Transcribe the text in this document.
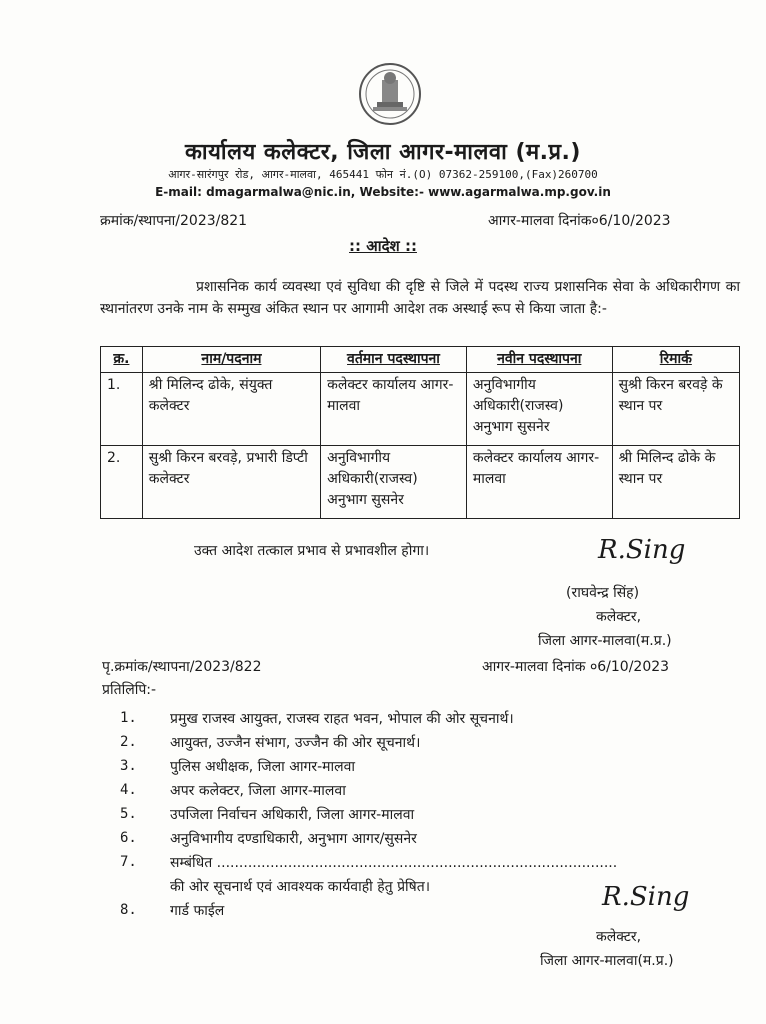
कार्यालय कलेक्टर, जिला आगर-मालवा (म.प्र.)
आगर-सारंगपुर रोड, आगर-मालवा, 465441 फोन नं.(O) 07362-259100,(Fax)260700
E-mail: dmagarmalwa@nic.in, Website:- www.agarmalwa.mp.gov.in
क्रमांक/स्थापना/2023/821	आगर-मालवा दिनांक०6/10/2023
:: आदेश ::
प्रशासनिक कार्य व्यवस्था एवं सुविधा की दृष्टि से जिले में पदस्थ राज्य प्रशासनिक सेवा के अधिकारीगण का स्थानांतरण उनके नाम के सम्मुख अंकित स्थान पर आगामी आदेश तक अस्थाई रूप से किया जाता है:-
क्र.	नाम/पदनाम	वर्तमान पदस्थापना	नवीन पदस्थापना	रिमार्क
1.	श्री मिलिन्द ढोके, संयुक्त कलेक्टर	कलेक्टर कार्यालय आगर-मालवा	अनुविभागीय अधिकारी(राजस्व) अनुभाग सुसनेर	सुश्री किरन बरवड़े के स्थान पर
2.	सुश्री किरन बरवड़े, प्रभारी डिप्टी कलेक्टर	अनुविभागीय अधिकारी(राजस्व) अनुभाग सुसनेर	कलेक्टर कार्यालय आगर-मालवा	श्री मिलिन्द ढोके के स्थान पर
उक्त आदेश तत्काल प्रभाव से प्रभावशील होगा।	R.Sing
(राघवेन्द्र सिंह)
कलेक्टर,
जिला आगर-मालवा(म.प्र.)
पृ.क्रमांक/स्थापना/2023/822	आगर-मालवा दिनांक ०6/10/2023
प्रतिलिपि:-
1.	प्रमुख राजस्व आयुक्त, राजस्व राहत भवन, भोपाल की ओर सूचनार्थ।
2.	आयुक्त, उज्जैन संभाग, उज्जैन की ओर सूचनार्थ।
3.	पुलिस अधीक्षक, जिला आगर-मालवा
4.	अपर कलेक्टर, जिला आगर-मालवा
5.	उपजिला निर्वाचन अधिकारी, जिला आगर-मालवा
6.	अनुविभागीय दण्डाधिकारी, अनुभाग आगर/सुसनेर
7.	सम्बंधित ..........................................................................................
की ओर सूचनार्थ एवं आवश्यक कार्यवाही हेतु प्रेषित।
8.	गार्ड फाईल	R.Sing
कलेक्टर,
जिला आगर-मालवा(म.प्र.)
